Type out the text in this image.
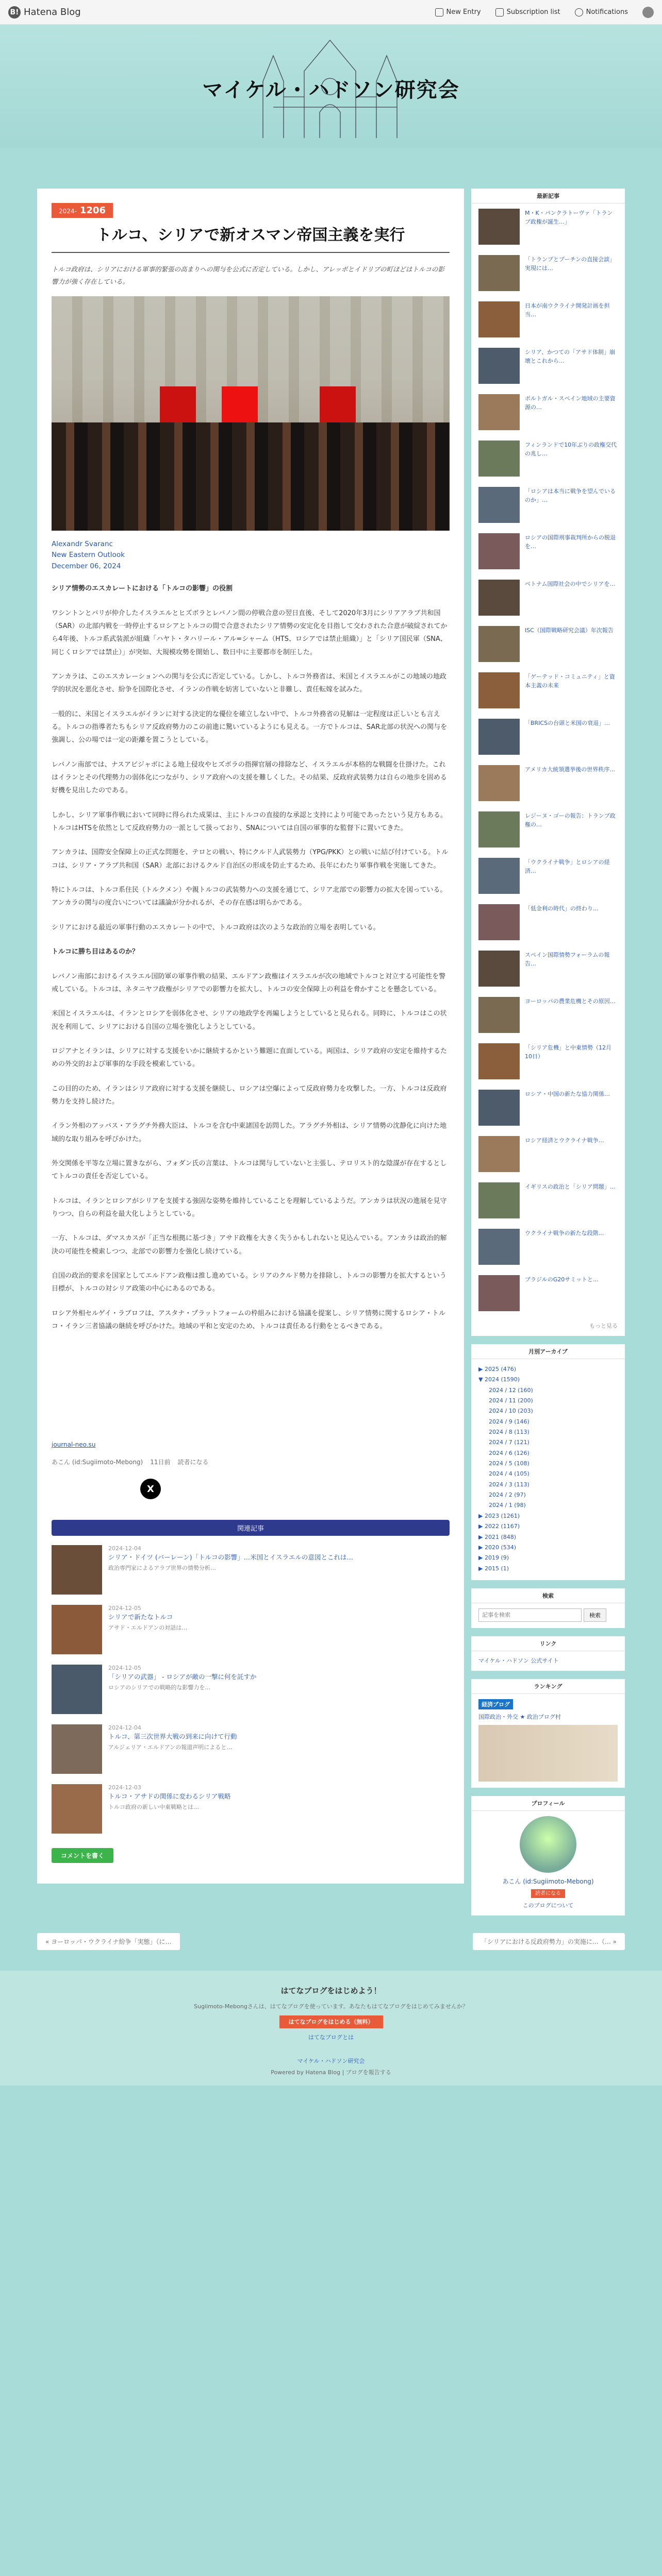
B! Hatena Blog	New Entry	Subscription list	Notifications
マイケル・ハドソン研究会
2024- 1206
トルコ、シリアで新オスマン帝国主義を実行
トルコ政府は、シリアにおける軍事的緊張の高まりへの関与を公式に否定している。しかし、アレッポとイドリブの町ほどはトルコの影響力が強く存在している。
Alexandr Svaranc
New Eastern Outlook
December 06, 2024

シリア情勢のエスカレートにおける「トルコの影響」の役割

ワシントンとパリが仲介したイスラエルとヒズボラとレバノン間の停戦合意の翌日直後、そして2020年3月にシリアアラブ共和国（SAR）の北部内戦を一時停止するロシアとトルコの間で合意されたシリア情勢の安定化を目指して交わされた合意が破綻されてから4年後、トルコ系武装派が組織「ハヤト・タハリール・アル=シャーム（HTS、ロシアでは禁止組織）」と「シリア国民軍（SNA、同じくロシアでは禁止）」が突如、大規模攻勢を開始し、数日中に主要都市を制圧した。

アンカラは、このエスカレーションへの関与を公式に否定している。しかし、トルコ外務省は、米国とイスラエルがこの地域の地政学的状況を悪化させ、紛争を国際化させ、イランの作戦を妨害していないと非難し、責任転嫁を試みた。

一般的に、米国とイスラエルがイランに対する決定的な優位を確立しない中で、トルコ外務省の見解は一定程度は正しいとも言える。トルコの指導者たちもシリア反政府勢力のこの前進に驚いているようにも見える。一方でトルコは、SAR北部の状況への関与を強調し、公の場では一定の距離を置こうとしている。

レバノン南部では、ナスアビジャボによる地上侵攻やヒズボラの指揮官層の排除など、イスラエルが本格的な戦闘を仕掛けた。これはイランとその代理勢力の弱体化につながり、シリア政府への支援を難しくした。その結果、反政府武装勢力は自らの地歩を固める好機を見出したのである。

しかし、シリア軍事作戦において同時に得られた成果は、主にトルコの直接的な承認と支持により可能であったという見方もある。トルコはHTSを依然として反政府勢力の一派として扱っており、SNAについては自国の軍事的な監督下に置いてきた。

アンカラは、国際安全保障上の正式な問題を、テロとの戦い、特にクルド人武装勢力（YPG/PKK）との戦いに結び付けている。トルコは、シリア・アラブ共和国（SAR）北部におけるクルド自治区の形成を防止するため、長年にわたり軍事作戦を実施してきた。

特にトルコは、トルコ系住民（トルクメン）や親トルコの武装勢力への支援を通じて、シリア北部での影響力の拡大を図っている。アンカラの関与の度合いについては議論が分かれるが、その存在感は明らかである。

シリアにおける最近の軍事行動のエスカレートの中で、トルコ政府は次のような政治的立場を表明している。

トルコに勝ち目はあるのか？

レバノン南部におけるイスラエル国防軍の軍事作戦の結果、エルドアン政権はイスラエルが次の地域でトルコと対立する可能性を警戒している。トルコは、ネタニヤフ政権がシリアでの影響力を拡大し、トルコの安全保障上の利益を脅かすことを懸念している。

米国とイスラエルは、イランとロシアを弱体化させ、シリアの地政学を再編しようとしていると見られる。同時に、トルコはこの状況を利用して、シリアにおける自国の立場を強化しようとしている。

ロジアナとイランは、シリアに対する支援をいかに継続するかという難題に直面している。両国は、シリア政府の安定を維持するための外交的および軍事的な手段を模索している。

この目的のため、イランはシリア政府に対する支援を継続し、ロシアは空爆によって反政府勢力を攻撃した。一方、トルコは反政府勢力を支持し続けた。

イラン外相のアッバス・アラグチ外務大臣は、トルコを含む中東諸国を訪問した。アラグチ外相は、シリア情勢の沈静化に向けた地域的な取り組みを呼びかけた。

外交関係を平等な立場に置きながら、フォダン氏の言葉は、トルコは関与していないと主張し、テロリスト的な陰謀が存在するとしてトルコの責任を否定している。

トルコは、イランとロシアがシリアを支援する強固な姿勢を維持していることを理解しているようだ。アンカラは状況の進展を見守りつつ、自らの利益を最大化しようとしている。

一方、トルコは、ダマスカスが「正当な根拠に基づき」アサド政権を大きく失うかもしれないと見込んでいる。アンカラは政治的解決の可能性を模索しつつ、北部での影響力を強化し続けている。

自国の政治的要求を国家としてエルドアン政権は推し進めている。シリアのクルド勢力を排除し、トルコの影響力を拡大するという目標が、トルコの対シリア政策の中心にあるのである。

ロシア外相セルゲイ・ラブロフは、アスタナ・プラットフォームの枠組みにおける協議を提案し、シリア情勢に関するロシア・トルコ・イラン三者協議の継続を呼びかけた。地域の平和と安定のため、トルコは責任ある行動をとるべきである。

journal-neo.su
あこん (id:Sugiimoto-Mebong) 11日前 読者になる
X
関連記事
2024-12-04
シリア・ドイツ (バーレーン)「トルコの影響」…米国とイスラエルの意図とこれは…
政治専門家によるアラブ世界の情勢分析…
2024-12-05
シリアで新たなトルコ
アサド・エルドアンの対話は…
2024-12-05
「シリアの武器」 - ロシアが敵の一撃に何を託すか
ロシアのシリアでの戦略的な影響力を…
2024-12-04
トルコ、第三次世界大戦の到来に向けて行動
アルジェリア・エルドアンの報道声明によると…
2024-12-03
トルコ・アサドの関係に変わるシリア戦略
トルコ政府の新しい中東戦略とは…
コメントを書く
最新記事
M・K・パンクラトーヴァ「トランプ政権が誕生…」
「トランプとプーチンの直接会談」実現には…
日本が南ウクライナ開発計画を担当…
シリア、かつての「アサド体制」崩壊とこれから…
ポルトガル・スペイン地域の主要資源の…
フィンランドで10年ぶりの政権交代の兆し…
「ロシアは本当に戦争を望んでいるのか」…
ロシアの国際刑事裁判所からの脱退を…
ベトナム国際社会の中でシリアを…
ISC（国際戦略研究会議）年次報告
「ゲーテッド・コミュニティ」と資本主義の未来
「BRICSの台頭と米国の衰退」…
アメリカ大統領選挙後の世界秩序…
レジーヌ・ゴーの報告：トランプ政権の…
「ウクライナ戦争」とロシアの経済…
「低金利の時代」の終わり…
スペイン国際情勢フォーラムの報告…
ヨーロッパの農業危機とその原因…
「シリア危機」と中東情勢（12月10日）
ロシア・中国の新たな協力関係…
ロシア経済とウクライナ戦争…
イギリスの政治と「シリア問題」…
ウクライナ戦争の新たな段階…
ブラジルのG20サミットと…
もっと見る
月別アーカイブ
▶ 2025 (476)
▼ 2024 (1590)
2024 / 12 (160)
2024 / 11 (200)
2024 / 10 (203)
2024 / 9 (146)
2024 / 8 (113)
2024 / 7 (121)
2024 / 6 (126)
2024 / 5 (108)
2024 / 4 (105)
2024 / 3 (113)
2024 / 2 (97)
2024 / 1 (98)
▶ 2023 (1261)
▶ 2022 (1167)
▶ 2021 (848)
▶ 2020 (534)
▶ 2019 (9)
▶ 2015 (1)
検索
記事を検索
検索
リンク
マイケル・ハドソン 公式サイト
ランキング
経済ブログ
国際政治・外交 ★ 政治ブログ村
プロフィール
あこん (id:Sugiimoto-Mebong)
読者になる
このブログについて
« ヨーロッパ・ウクライナ紛争「実態」（に…	「シリアにおける反政府勢力」の実施に…（… »
はてなブログをはじめよう！
Sugiimoto-Mebongさんは、はてなブログを使っています。あなたもはてなブログをはじめてみませんか？
はてなブログをはじめる（無料）
はてなブログとは
マイケル・ハドソン研究会
Powered by Hatena Blog | ブログを報告する
